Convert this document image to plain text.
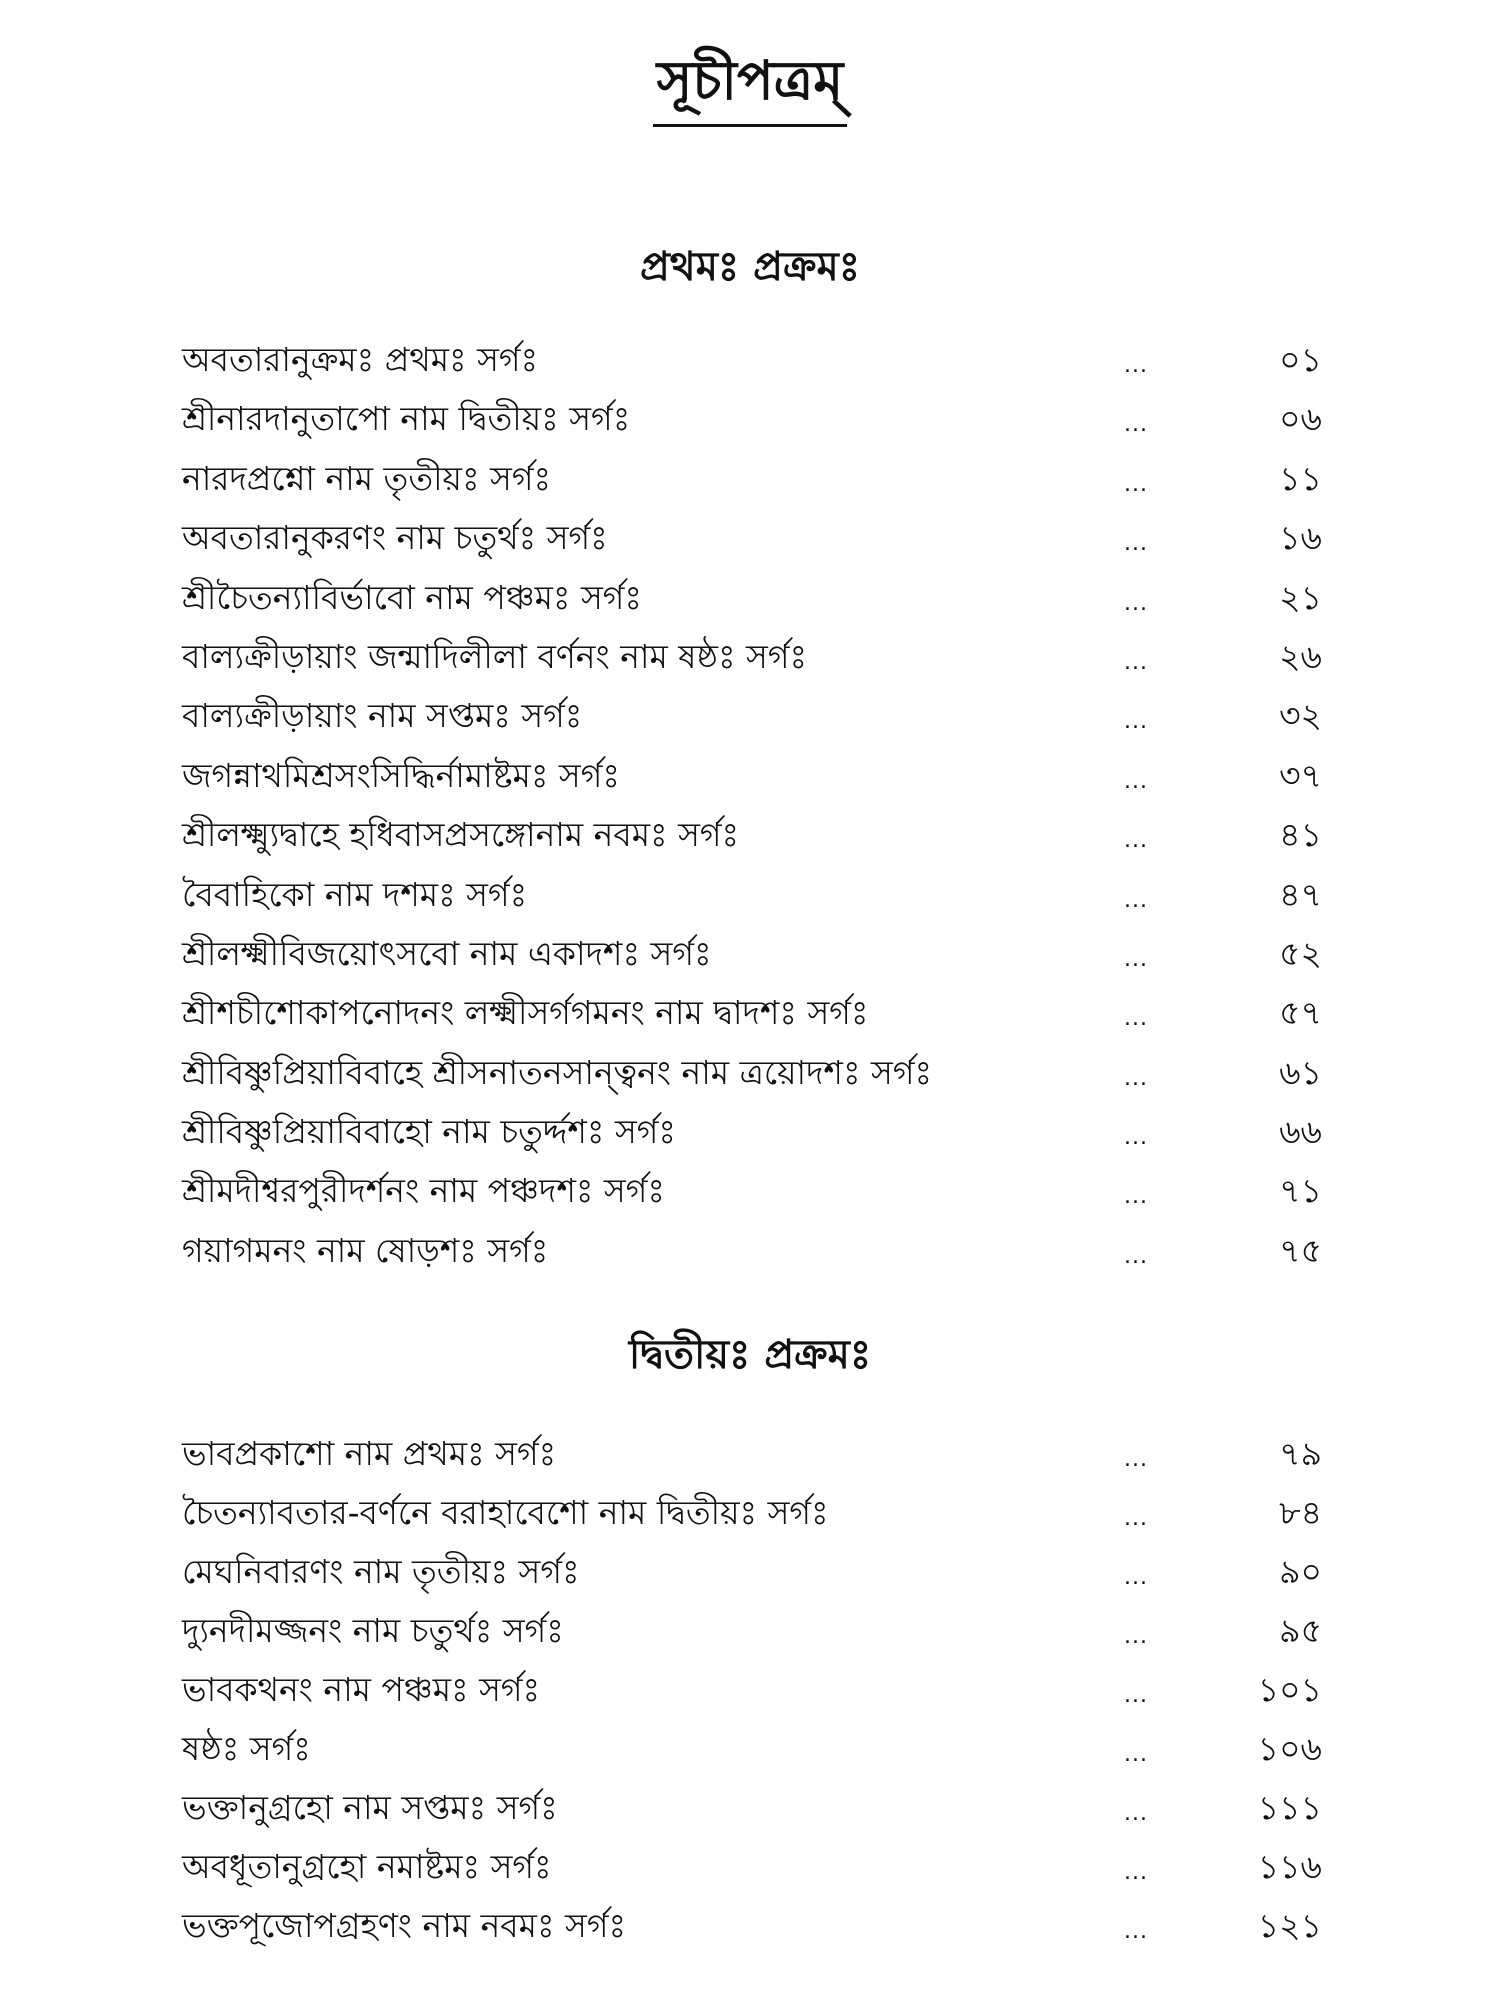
সূচীপত্রম্
প্রথমঃ প্রক্রমঃ
অবতারানুক্রমঃ প্রথমঃ সর্গঃ	...	০১
শ্রীনারদানুতাপো নাম দ্বিতীয়ঃ সর্গঃ	...	০৬
নারদপ্রশ্নো নাম তৃতীয়ঃ সর্গঃ	...	১১
অবতারানুকরণং নাম চতুর্থঃ সর্গঃ	...	১৬
শ্রীচৈতন্যাবির্ভাবো নাম পঞ্চমঃ সর্গঃ	...	২১
বাল্যক্রীড়ায়াং জন্মাদিলীলা বর্ণনং নাম ষষ্ঠঃ সর্গঃ	...	২৬
বাল্যক্রীড়ায়াং নাম সপ্তমঃ সর্গঃ	...	৩২
জগন্নাথমিশ্রসংসিদ্ধির্নামাষ্টমঃ সর্গঃ	...	৩৭
শ্রীলক্ষ্ম্যুদ্বাহে হধিবাসপ্রসঙ্গোনাম নবমঃ সর্গঃ	...	৪১
বৈবাহিকো নাম দশমঃ সর্গঃ	...	৪৭
শ্রীলক্ষ্মীবিজয়োৎসবো নাম একাদশঃ সর্গঃ	...	৫২
শ্রীশচীশোকাপনোদনং লক্ষ্মীসর্গগমনং নাম দ্বাদশঃ সর্গঃ	...	৫৭
শ্রীবিষ্ণুপ্রিয়াবিবাহে শ্রীসনাতনসান্ত্বনং নাম ত্রয়োদশঃ সর্গঃ	...	৬১
শ্রীবিষ্ণুপ্রিয়াবিবাহো নাম চতুর্দ্দশঃ সর্গঃ	...	৬৬
শ্রীমদীশ্বরপুরীদর্শনং নাম পঞ্চদশঃ সর্গঃ	...	৭১
গয়াগমনং নাম ষোড়শঃ সর্গঃ	...	৭৫
দ্বিতীয়ঃ প্রক্রমঃ
ভাবপ্রকাশো নাম প্রথমঃ সর্গঃ	...	৭৯
চৈতন্যাবতার-বর্ণনে বরাহাবেশো নাম দ্বিতীয়ঃ সর্গঃ	...	৮৪
মেঘনিবারণং নাম তৃতীয়ঃ সর্গঃ	...	৯০
দ্যুনদীমজ্জনং নাম চতুর্থঃ সর্গঃ	...	৯৫
ভাবকথনং নাম পঞ্চমঃ সর্গঃ	...	১০১
ষষ্ঠঃ সর্গঃ	...	১০৬
ভক্তানুগ্রহো নাম সপ্তমঃ সর্গঃ	...	১১১
অবধূতানুগ্রহো নমাষ্টমঃ সর্গঃ	...	১১৬
ভক্তপূজোপগ্রহণং নাম নবমঃ সর্গঃ	...	১২১
